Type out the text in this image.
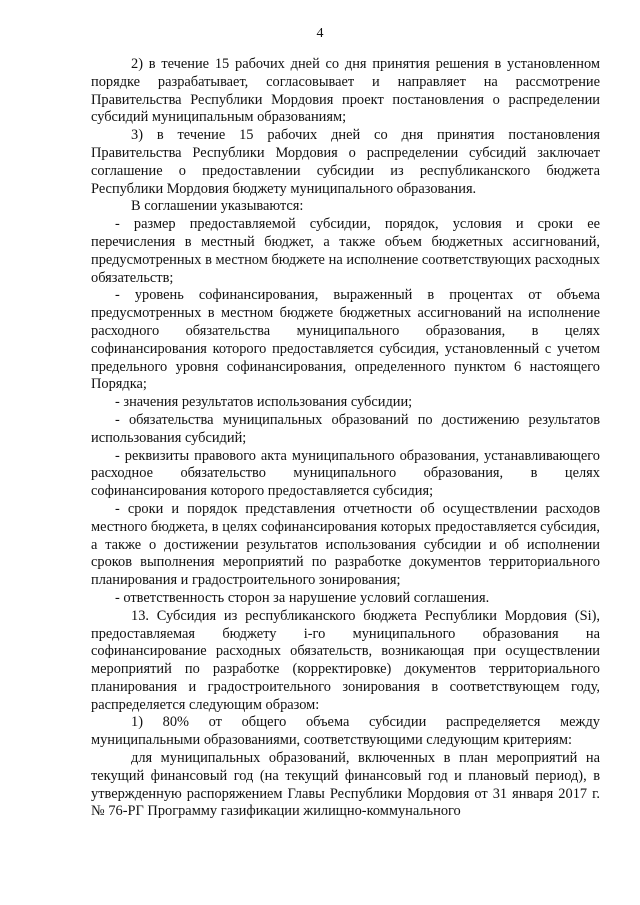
4

2) в течение 15 рабочих дней со дня принятия решения в установленном порядке разрабатывает, согласовывает и направляет на рассмотрение Правительства Республики Мордовия проект постановления о распределении субсидий муниципальным образованиям;

3) в течение 15 рабочих дней со дня принятия постановления Правительства Республики Мордовия о распределении субсидий заключает соглашение о предоставлении субсидии из республиканского бюджета Республики Мордовия бюджету муниципального образования.

В соглашении указываются:

- размер предоставляемой субсидии, порядок, условия и сроки ее перечисления в местный бюджет, а также объем бюджетных ассигнований, предусмотренных в местном бюджете на исполнение соответствующих расходных обязательств;

- уровень софинансирования, выраженный в процентах от объема предусмотренных в местном бюджете бюджетных ассигнований на исполнение расходного обязательства муниципального образования, в целях софинансирования которого предоставляется субсидия, установленный с учетом предельного уровня софинансирования, определенного пунктом 6 настоящего Порядка;

- значения результатов использования субсидии;

- обязательства муниципальных образований по достижению результатов использования субсидий;

- реквизиты правового акта муниципального образования, устанавливающего расходное обязательство муниципального образования, в целях софинансирования которого предоставляется субсидия;

- сроки и порядок представления отчетности об осуществлении расходов местного бюджета, в целях софинансирования которых предоставляется субсидия, а также о достижении результатов использования субсидии и об исполнении сроков выполнения мероприятий по разработке документов территориального планирования и градостроительного зонирования;

- ответственность сторон за нарушение условий соглашения.

13. Субсидия из республиканского бюджета Республики Мордовия (Si), предоставляемая бюджету i-го муниципального образования на софинансирование расходных обязательств, возникающая при осуществлении мероприятий по разработке (корректировке) документов территориального планирования и градостроительного зонирования в соответствующем году, распределяется следующим образом:

1) 80% от общего объема субсидии распределяется между муниципальными образованиями, соответствующими следующим критериям:

для муниципальных образований, включенных в план мероприятий на текущий финансовый год (на текущий финансовый год и плановый период), в утвержденную распоряжением Главы Республики Мордовия от 31 января 2017 г. № 76-РГ Программу газификации жилищно-коммунального
